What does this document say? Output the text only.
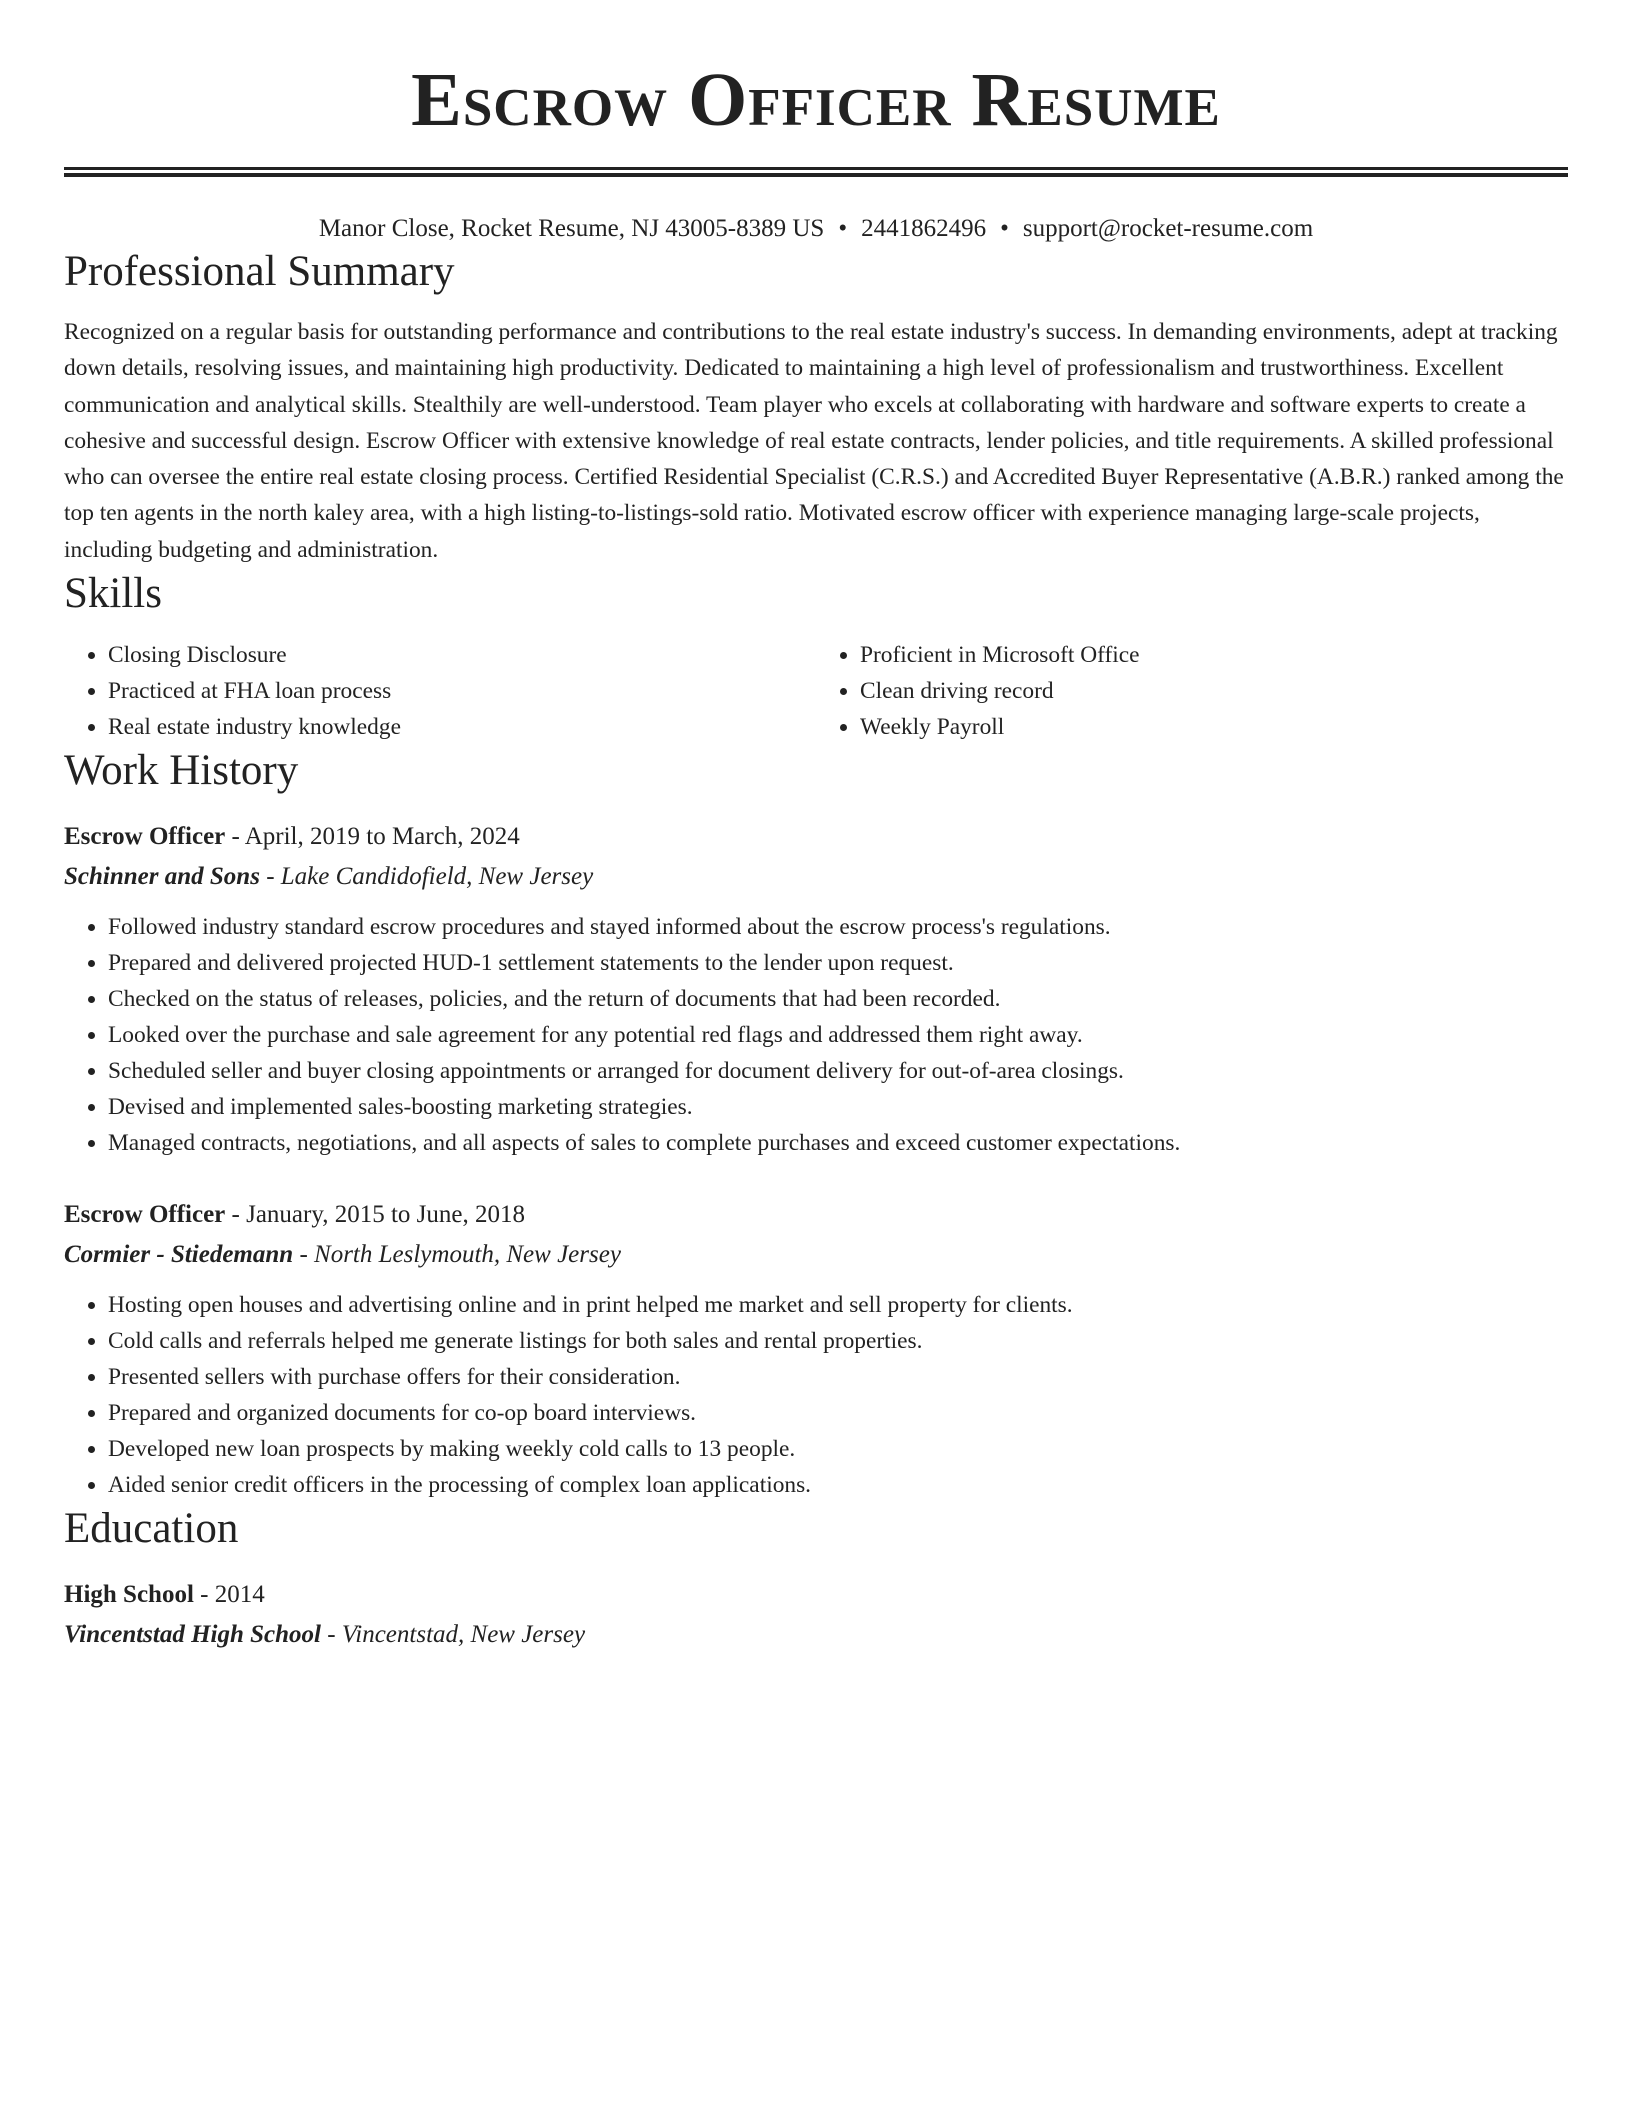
Escrow Officer Resume
Manor Close, Rocket Resume, NJ 43005-8389 US • 2441862496 • support@rocket-resume.com
Professional Summary

Recognized on a regular basis for outstanding performance and contributions to the real estate industry's success. In demanding environments, adept at tracking down details, resolving issues, and maintaining high productivity. Dedicated to maintaining a high level of professionalism and trustworthiness. Excellent communication and analytical skills. Stealthily are well-understood. Team player who excels at collaborating with hardware and software experts to create a cohesive and successful design. Escrow Officer with extensive knowledge of real estate contracts, lender policies, and title requirements. A skilled professional who can oversee the entire real estate closing process. Certified Residential Specialist (C.R.S.) and Accredited Buyer Representative (A.B.R.) ranked among the top ten agents in the north kaley area, with a high listing-to-listings-sold ratio. Motivated escrow officer with experience managing large-scale projects, including budgeting and administration.

Skills
• Closing Disclosure
• Practiced at FHA loan process
• Real estate industry knowledge
• Proficient in Microsoft Office
• Clean driving record
• Weekly Payroll
Work History
Escrow Officer - April, 2019 to March, 2024
Schinner and Sons - Lake Candidofield, New Jersey
• Followed industry standard escrow procedures and stayed informed about the escrow process's regulations.
• Prepared and delivered projected HUD-1 settlement statements to the lender upon request.
• Checked on the status of releases, policies, and the return of documents that had been recorded.
• Looked over the purchase and sale agreement for any potential red flags and addressed them right away.
• Scheduled seller and buyer closing appointments or arranged for document delivery for out-of-area closings.
• Devised and implemented sales-boosting marketing strategies.
• Managed contracts, negotiations, and all aspects of sales to complete purchases and exceed customer expectations.
Escrow Officer - January, 2015 to June, 2018
Cormier - Stiedemann - North Leslymouth, New Jersey
• Hosting open houses and advertising online and in print helped me market and sell property for clients.
• Cold calls and referrals helped me generate listings for both sales and rental properties.
• Presented sellers with purchase offers for their consideration.
• Prepared and organized documents for co-op board interviews.
• Developed new loan prospects by making weekly cold calls to 13 people.
• Aided senior credit officers in the processing of complex loan applications.
Education
High School - 2014
Vincentstad High School - Vincentstad, New Jersey
